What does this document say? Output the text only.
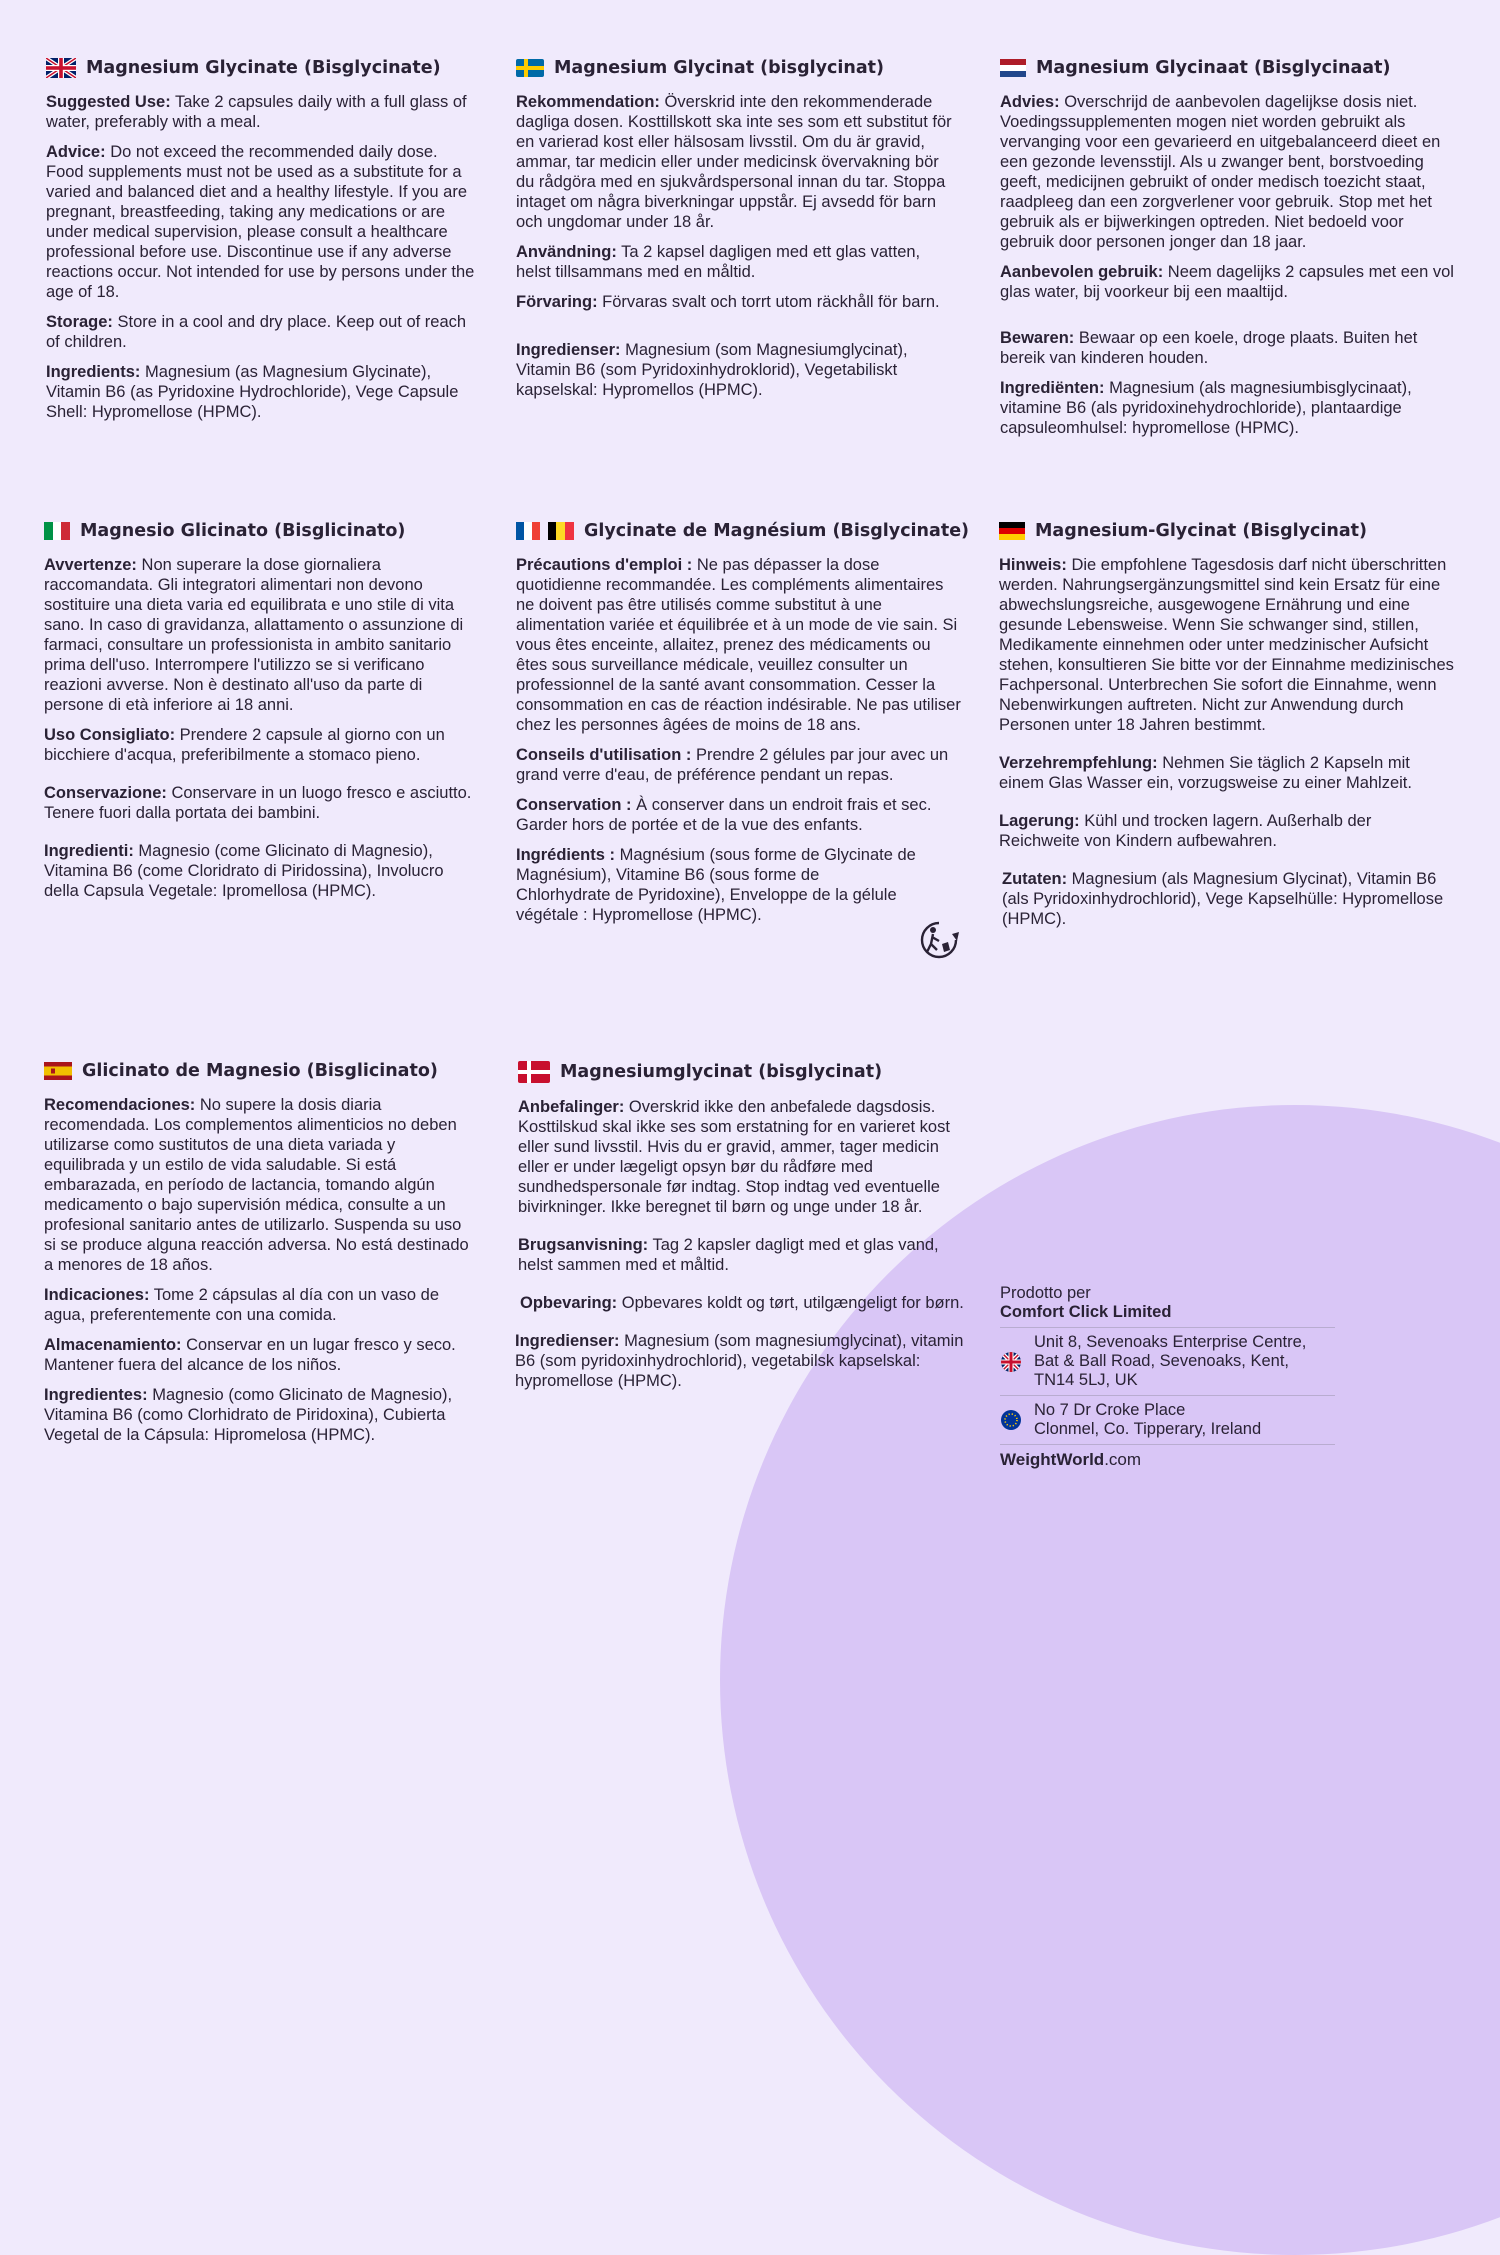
Magnesium Glycinate (Bisglycinate)

Suggested Use: Take 2 capsules daily with a full glass of water, preferably with a meal.

Advice: Do not exceed the recommended daily dose. Food supplements must not be used as a substitute for a varied and balanced diet and a healthy lifestyle. If you are pregnant, breastfeeding, taking any medications or are under medical supervision, please consult a healthcare professional before use. Discontinue use if any adverse reactions occur. Not intended for use by persons under the age of 18.

Storage: Store in a cool and dry place. Keep out of reach of children.

Ingredients: Magnesium (as Magnesium Glycinate), Vitamin B6 (as Pyridoxine Hydrochloride), Vege Capsule Shell: Hypromellose (HPMC).

Magnesium Glycinat (bisglycinat)

Rekommendation: Överskrid inte den rekommenderade dagliga dosen. Kosttillskott ska inte ses som ett substitut för en varierad kost eller hälsosam livsstil. Om du är gravid, ammar, tar medicin eller under medicinsk övervakning bör du rådgöra med en sjukvårdspersonal innan du tar. Stoppa intaget om några biverkningar uppstår. Ej avsedd för barn och ungdomar under 18 år.

Användning: Ta 2 kapsel dagligen med ett glas vatten, helst tillsammans med en måltid.

Förvaring: Förvaras svalt och torrt utom räckhåll för barn.

Ingredienser: Magnesium (som Magnesiumglycinat), Vitamin B6 (som Pyridoxinhydroklorid), Vegetabiliskt kapselskal: Hypromellos (HPMC).

Magnesium Glycinaat (Bisglycinaat)

Advies: Overschrijd de aanbevolen dagelijkse dosis niet. Voedingssupplementen mogen niet worden gebruikt als vervanging voor een gevarieerd en uitgebalanceerd dieet en een gezonde levensstijl. Als u zwanger bent, borstvoeding geeft, medicijnen gebruikt of onder medisch toezicht staat, raadpleeg dan een zorgverlener voor gebruik. Stop met het gebruik als er bijwerkingen optreden. Niet bedoeld voor gebruik door personen jonger dan 18 jaar.

Aanbevolen gebruik: Neem dagelijks 2 capsules met een vol glas water, bij voorkeur bij een maaltijd.

Bewaren: Bewaar op een koele, droge plaats. Buiten het bereik van kinderen houden.

Ingrediënten: Magnesium (als magnesiumbisglycinaat), vitamine B6 (als pyridoxinehydrochloride), plantaardige capsuleomhulsel: hypromellose (HPMC).

Magnesio Glicinato (Bisglicinato)

Avvertenze: Non superare la dose giornaliera raccomandata. Gli integratori alimentari non devono sostituire una dieta varia ed equilibrata e uno stile di vita sano. In caso di gravidanza, allattamento o assunzione di farmaci, consultare un professionista in ambito sanitario prima dell'uso. Interrompere l'utilizzo se si verificano reazioni avverse. Non è destinato all'uso da parte di persone di età inferiore ai 18 anni.

Uso Consigliato: Prendere 2 capsule al giorno con un bicchiere d'acqua, preferibilmente a stomaco pieno.

Conservazione: Conservare in un luogo fresco e asciutto. Tenere fuori dalla portata dei bambini.

Ingredienti: Magnesio (come Glicinato di Magnesio), Vitamina B6 (come Cloridrato di Piridossina), Involucro della Capsula Vegetale: Ipromellosa (HPMC).

Glycinate de Magnésium (Bisglycinate)

Précautions d'emploi : Ne pas dépasser la dose quotidienne recommandée. Les compléments alimentaires ne doivent pas être utilisés comme substitut à une alimentation variée et équilibrée et à un mode de vie sain. Si vous êtes enceinte, allaitez, prenez des médicaments ou êtes sous surveillance médicale, veuillez consulter un professionnel de la santé avant consommation. Cesser la consommation en cas de réaction indésirable. Ne pas utiliser chez les personnes âgées de moins de 18 ans.

Conseils d'utilisation : Prendre 2 gélules par jour avec un grand verre d'eau, de préférence pendant un repas.

Conservation : À conserver dans un endroit frais et sec. Garder hors de portée et de la vue des enfants.

Ingrédients : Magnésium (sous forme de Glycinate de Magnésium), Vitamine B6 (sous forme de Chlorhydrate de Pyridoxine), Enveloppe de la gélule végétale : Hypromellose (HPMC).

Magnesium-Glycinat (Bisglycinat)

Hinweis: Die empfohlene Tagesdosis darf nicht überschritten werden. Nahrungsergänzungsmittel sind kein Ersatz für eine abwechslungsreiche, ausgewogene Ernährung und eine gesunde Lebensweise. Wenn Sie schwanger sind, stillen, Medikamente einnehmen oder unter medzinischer Aufsicht stehen, konsultieren Sie bitte vor der Einnahme medizinisches Fachpersonal. Unterbrechen Sie sofort die Einnahme, wenn Nebenwirkungen auftreten. Nicht zur Anwendung durch Personen unter 18 Jahren bestimmt.

Verzehrempfehlung: Nehmen Sie täglich 2 Kapseln mit einem Glas Wasser ein, vorzugsweise zu einer Mahlzeit.

Lagerung: Kühl und trocken lagern. Außerhalb der Reichweite von Kindern aufbewahren.

Zutaten: Magnesium (als Magnesium Glycinat), Vitamin B6 (als Pyridoxinhydrochlorid), Vege Kapselhülle: Hypromellose (HPMC).

Glicinato de Magnesio (Bisglicinato)

Recomendaciones: No supere la dosis diaria recomendada. Los complementos alimenticios no deben utilizarse como sustitutos de una dieta variada y equilibrada y un estilo de vida saludable. Si está embarazada, en período de lactancia, tomando algún medicamento o bajo supervisión médica, consulte a un profesional sanitario antes de utilizarlo. Suspenda su uso si se produce alguna reacción adversa. No está destinado a menores de 18 años.

Indicaciones: Tome 2 cápsulas al día con un vaso de agua, preferentemente con una comida.

Almacenamiento: Conservar en un lugar fresco y seco. Mantener fuera del alcance de los niños.

Ingredientes: Magnesio (como Glicinato de Magnesio), Vitamina B6 (como Clorhidrato de Piridoxina), Cubierta Vegetal de la Cápsula: Hipromelosa (HPMC).

Magnesiumglycinat (bisglycinat)

Anbefalinger: Overskrid ikke den anbefalede dagsdosis. Kosttilskud skal ikke ses som erstatning for en varieret kost eller sund livsstil. Hvis du er gravid, ammer, tager medicin eller er under lægeligt opsyn bør du rådføre med sundhedspersonale før indtag. Stop indtag ved eventuelle bivirkninger. Ikke beregnet til børn og unge under 18 år.

Brugsanvisning: Tag 2 kapsler dagligt med et glas vand, helst sammen med et måltid.

Opbevaring: Opbevares koldt og tørt, utilgængeligt for børn.

Ingredienser: Magnesium (som magnesiumglycinat), vitamin B6 (som pyridoxinhydrochlorid), vegetabilsk kapselskal: hypromellose (HPMC).

Prodotto per
Comfort Click Limited
Unit 8, Sevenoaks Enterprise Centre,
Bat & Ball Road, Sevenoaks, Kent,
TN14 5LJ, UK
No 7 Dr Croke Place
Clonmel, Co. Tipperary, Ireland
WeightWorld.com
